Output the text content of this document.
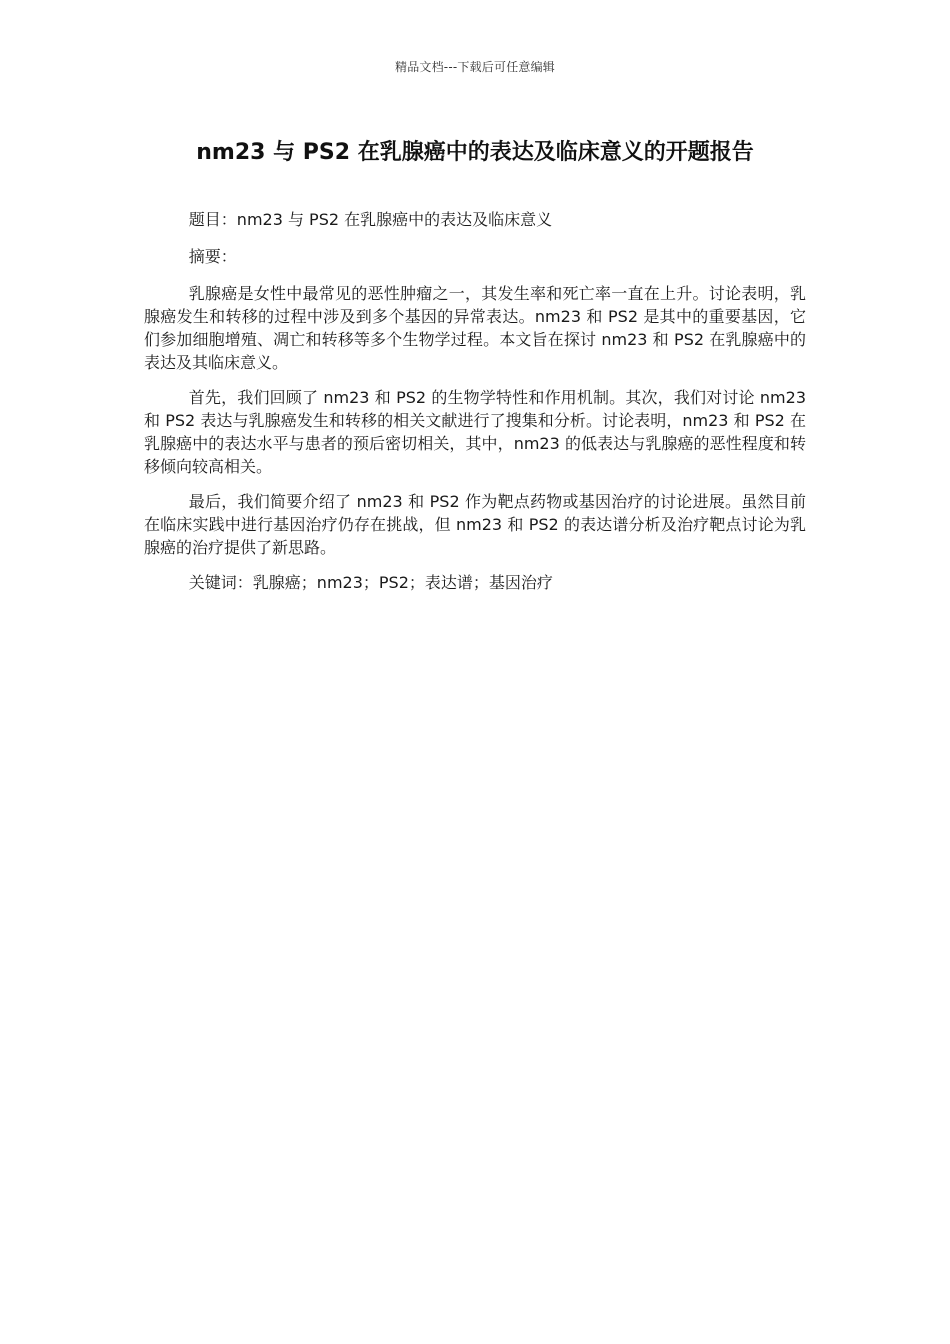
精品文档---下载后可任意编辑
nm23 与 PS2 在乳腺癌中的表达及临床意义的开题报告

题目：nm23 与 PS2 在乳腺癌中的表达及临床意义

摘要：

乳腺癌是女性中最常见的恶性肿瘤之一，其发生率和死亡率一直在上升。讨论表明，乳腺癌发生和转移的过程中涉及到多个基因的异常表达。nm23 和 PS2 是其中的重要基因，它们参加细胞增殖、凋亡和转移等多个生物学过程。本文旨在探讨 nm23 和 PS2 在乳腺癌中的表达及其临床意义。

首先，我们回顾了 nm23 和 PS2 的生物学特性和作用机制。其次，我们对讨论 nm23 和 PS2 表达与乳腺癌发生和转移的相关文献进行了搜集和分析。讨论表明，nm23 和 PS2 在乳腺癌中的表达水平与患者的预后密切相关，其中，nm23 的低表达与乳腺癌的恶性程度和转移倾向较高相关。

最后，我们简要介绍了 nm23 和 PS2 作为靶点药物或基因治疗的讨论进展。虽然目前在临床实践中进行基因治疗仍存在挑战，但 nm23 和 PS2 的表达谱分析及治疗靶点讨论为乳腺癌的治疗提供了新思路。

关键词：乳腺癌；nm23；PS2；表达谱；基因治疗
